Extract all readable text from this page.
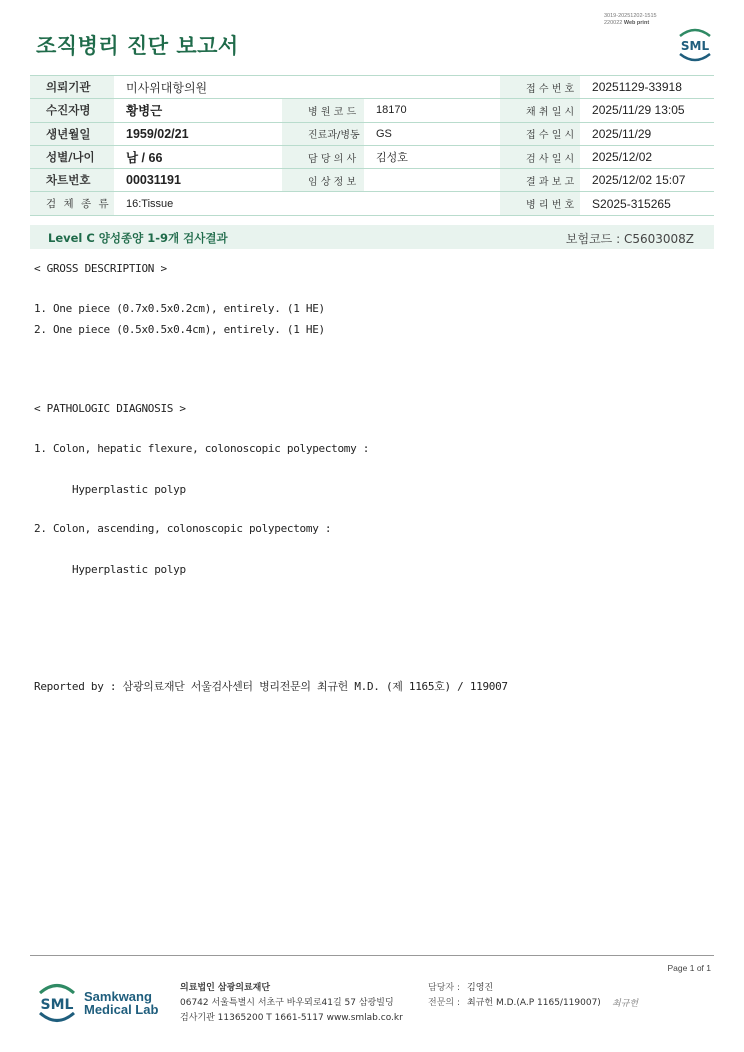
조직병리 진단 보고서
3019-20251202-1515
220022 Web print
SML
의뢰기관	미사위대항의원			접 수 번 호	20251129-33918
수진자명	황병근	병 원 코 드	18170	채 취 일 시	2025/11/29 13:05
생년월일	1959/02/21	진료과/병동	GS	접 수 일 시	2025/11/29
성별/나이	남 / 66	담 당 의 사	김성호	검 사 일 시	2025/12/02
차트번호	00031191	임 상 정 보		결 과 보 고	2025/12/02 15:07
검 체 종 류	16:Tissue			병 리 번 호	S2025-315265
Level C 양성종양 1-9개 검사결과	보험코드 : C5603008Z
< GROSS DESCRIPTION >
1. One piece (0.7x0.5x0.2cm), entirely. (1 HE)
2. One piece (0.5x0.5x0.4cm), entirely. (1 HE)
< PATHOLOGIC DIAGNOSIS >
1. Colon, hepatic flexure, colonoscopic polypectomy :
Hyperplastic polyp
2. Colon, ascending, colonoscopic polypectomy :
Hyperplastic polyp
Reported by : 삼광의료재단 서울검사센터 병리전문의 최규헌 M.D. (제 1165호) / 119007
Page 1 of 1
SML
Samkwang
Medical Lab
의료법인 삼광의료재단
06742 서울특별시 서초구 바우뫼로41길 57 삼광빌딩
검사기관 11365200 T 1661-5117 www.smlab.co.kr
담당자 : 김영진
전문의 : 최규헌 M.D.(A.P 1165/119007) 최규헌
